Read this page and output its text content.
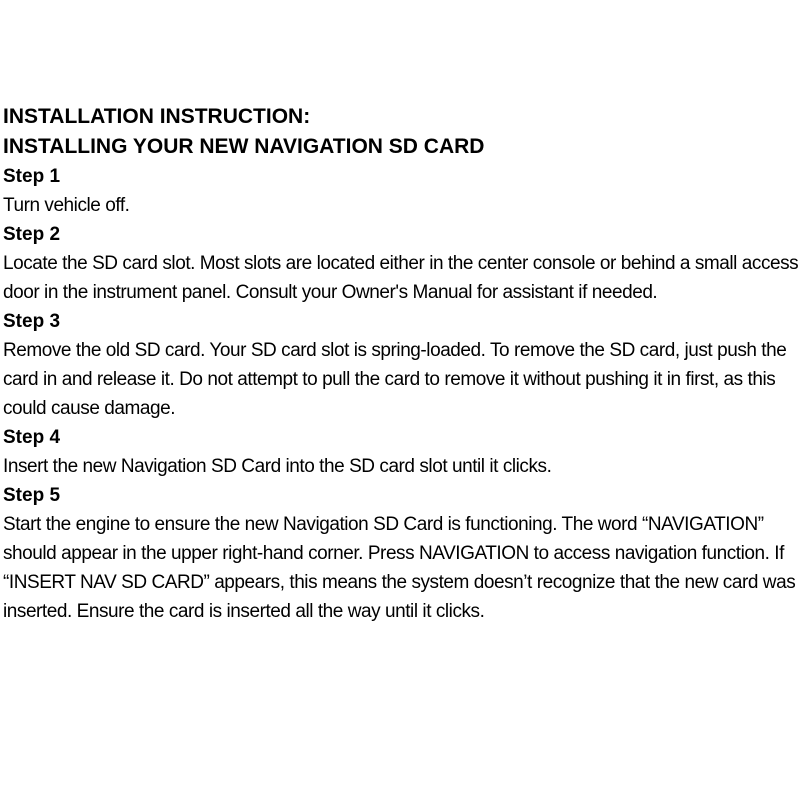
INSTALLATION INSTRUCTION:
INSTALLING YOUR NEW NAVIGATION SD CARD

Step 1

Turn vehicle off.

Step 2

Locate the SD card slot. Most slots are located either in the center console or behind a small access door in the instrument panel. Consult your Owner's Manual for assistant if needed.

Step 3

Remove the old SD card. Your SD card slot is spring-loaded. To remove the SD card, just push the card in and release it. Do not attempt to pull the card to remove it without pushing it in first, as this could cause damage.

Step 4

Insert the new Navigation SD Card into the SD card slot until it clicks.

Step 5

Start the engine to ensure the new Navigation SD Card is functioning. The word “NAVIGATION” should appear in the upper right-hand corner. Press NAVIGATION to access navigation function. If “INSERT NAV SD CARD” appears, this means the system doesn’t recognize that the new card was inserted. Ensure the card is inserted all the way until it clicks.
